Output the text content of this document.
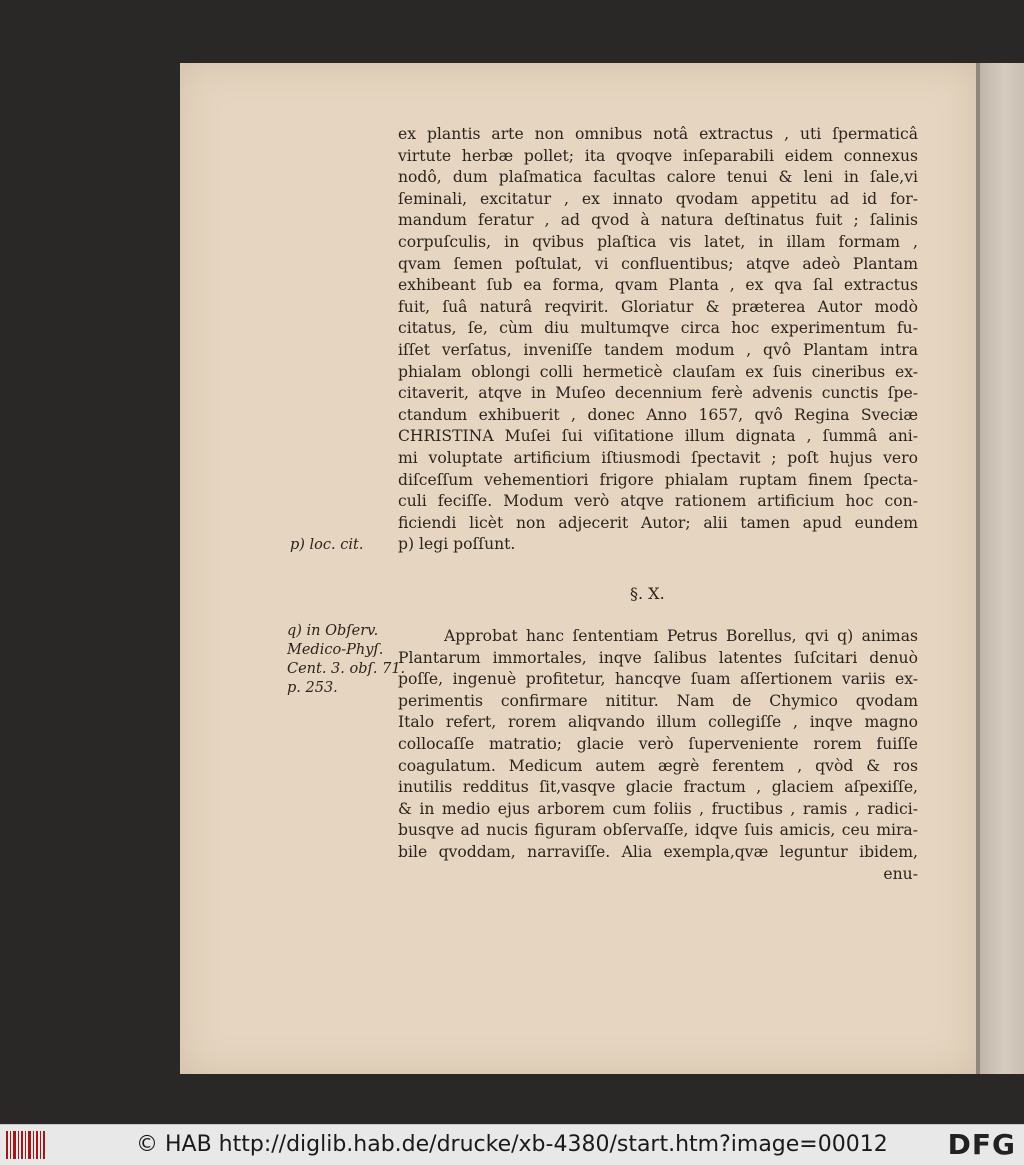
ex plantis arte non omnibus notâ extractus , uti ſpermaticâ
virtute herbæ pollet; ita qvoqve inſeparabili eidem connexus
nodô, dum plaſmatica facultas calore tenui & leni in ſale,vi
ſeminali, excitatur , ex innato qvodam appetitu ad id for-
mandum feratur , ad qvod à natura deſtinatus fuit ; ſalinis
corpuſculis, in qvibus plaſtica vis latet, in illam formam ,
qvam ſemen poſtulat, vi confluentibus; atqve adeò Plantam
exhibeant ſub ea forma, qvam Planta , ex qva ſal extractus
fuit, ſuâ naturâ reqvirit. Gloriatur & præterea Autor modò
citatus, ſe, cùm diu multumqve circa hoc experimentum fu-
iſſet verſatus, inveniſſe tandem modum , qvô Plantam intra
phialam oblongi colli hermeticè clauſam ex ſuis cineribus ex-
citaverit, atqve in Muſeo decennium ferè advenis cunctis ſpe-
ctandum exhibuerit , donec Anno 1657, qvô Regina Sveciæ
CHRISTINA Muſei ſui viſitatione illum dignata , ſummâ ani-
mi voluptate artificium iſtiusmodi ſpectavit ; poſt hujus vero
diſceſſum vehementiori frigore phialam ruptam finem ſpecta-
culi feciſſe. Modum verò atqve rationem artificium hoc con-
ficiendi licèt non adjecerit Autor; alii tamen apud eundem
p) legi poſſunt.
§. X.
Approbat hanc ſententiam Petrus Borellus, qvi q) animas
Plantarum immortales, inqve ſalibus latentes ſuſcitari denuò
poſſe, ingenuè profitetur, hancqve ſuam aſſertionem variis ex-
perimentis confirmare nititur. Nam de Chymico qvodam
Italo refert, rorem aliqvando illum collegiſſe , inqve magno
collocaſſe matratio; glacie verò ſuperveniente rorem fuiſſe
coagulatum. Medicum autem ægrè ferentem , qvòd & ros
inutilis redditus ſit,vasqve glacie fractum , glaciem aſpexiſſe,
& in medio ejus arborem cum foliis , fructibus , ramis , radici-
busqve ad nucis figuram obſervaſſe, idqve ſuis amicis, ceu mira-
bile qvoddam, narraviſſe. Alia exempla,qvæ leguntur ibidem,
enu-
p) loc. cit.
q) in Obſerv.
Medico-Phyſ.
Cent. 3. obſ. 71.
p. 253.
© HAB http://diglib.hab.de/drucke/xb-4380/start.htm?image=00012 DFG
